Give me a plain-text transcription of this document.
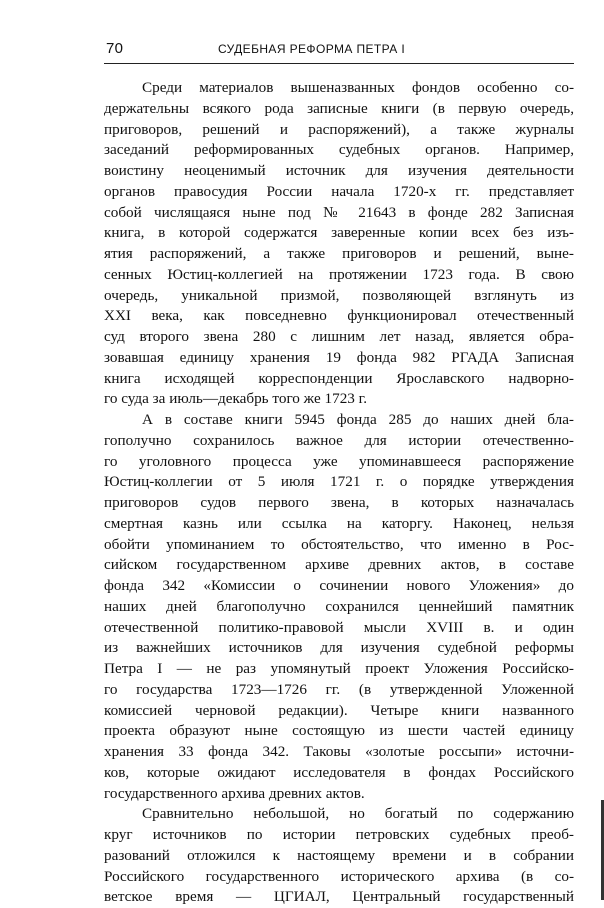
70	СУДЕБНАЯ РЕФОРМА ПЕТРА I
Среди материалов вышеназванных фондов особенно со-
держательны всякого рода записные книги (в первую очередь,
приговоров, решений и распоряжений), а также журналы
заседаний реформированных судебных органов. Например,
воистину неоценимый источник для изучения деятельности
органов правосудия России начала 1720-х гг. представляет
собой числящаяся ныне под № 21643 в фонде 282 Записная
книга, в которой содержатся заверенные копии всех без изъ-
ятия распоряжений, а также приговоров и решений, выне-
сенных Юстиц-коллегией на протяжении 1723 года. В свою
очередь, уникальной призмой, позволяющей взглянуть из
XXI века, как повседневно функционировал отечественный
суд второго звена 280 с лишним лет назад, является обра-
зовавшая единицу хранения 19 фонда 982 РГАДА Записная
книга исходящей корреспонденции Ярославского надворно-
го суда за июль—декабрь того же 1723 г.
А в составе книги 5945 фонда 285 до наших дней бла-
гополучно сохранилось важное для истории отечественно-
го уголовного процесса уже упоминавшееся распоряжение
Юстиц-коллегии от 5 июля 1721 г. о порядке утверждения
приговоров судов первого звена, в которых назначалась
смертная казнь или ссылка на каторгу. Наконец, нельзя
обойти упоминанием то обстоятельство, что именно в Рос-
сийском государственном архиве древних актов, в составе
фонда 342 «Комиссии о сочинении нового Уложения» до
наших дней благополучно сохранился ценнейший памятник
отечественной политико-правовой мысли XVIII в. и один
из важнейших источников для изучения судебной реформы
Петра I — не раз упомянутый проект Уложения Российско-
го государства 1723—1726 гг. (в утвержденной Уложенной
комиссией черновой редакции). Четыре книги названного
проекта образуют ныне состоящую из шести частей единицу
хранения 33 фонда 342. Таковы «золотые россыпи» источни-
ков, которые ожидают исследователя в фондах Российского
государственного архива древних актов.
Сравнительно небольшой, но богатый по содержанию
круг источников по истории петровских судебных преоб-
разований отложился к настоящему времени и в собрании
Российского государственного исторического архива (в со-
ветское время — ЦГИАЛ, Центральный государственный
